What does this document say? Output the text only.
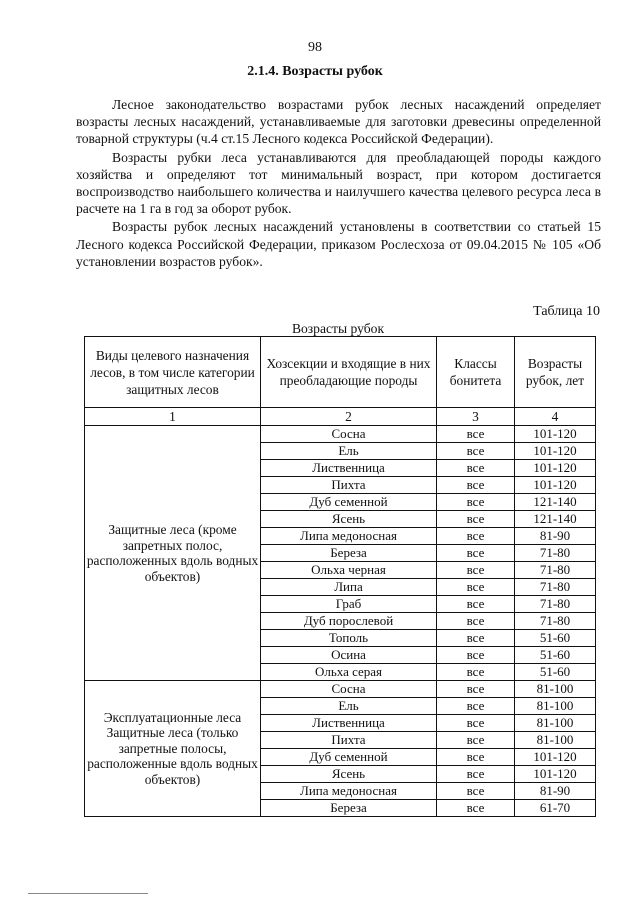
98
2.1.4. Возрасты рубок

Лесное законодательство возрастами рубок лесных насаждений определяет возрасты лесных насаждений, устанавливаемые для заготовки древесины определенной товарной структуры (ч.4 ст.15 Лесного кодекса Российской Федерации).

Возрасты рубки леса устанавливаются для преобладающей породы каждого хозяйства и определяют тот минимальный возраст, при котором достигается воспроизводство наибольшего количества и наилучшего качества целевого ресурса леса в расчете на 1 га в год за оборот рубок.

Возрасты рубок лесных насаждений установлены в соответствии со статьей 15 Лесного кодекса Российской Федерации, приказом Рослесхоза от 09.04.2015 № 105 «Об установлении возрастов рубок».

Таблица 10
Возрасты рубок
Виды целевого назначения лесов, в том числе категории защитных лесов	Хозсекции и входящие в них преобладающие породы	Классы бонитета	Возрасты рубок, лет
1	2	3	4
Защитные леса (кроме запретных полос, расположенных вдоль водных объектов)	Сосна	все	101-120
	Ель	все	101-120
	Лиственница	все	101-120
	Пихта	все	101-120
	Дуб семенной	все	121-140
	Ясень	все	121-140
	Липа медоносная	все	81-90
	Береза	все	71-80
	Ольха черная	все	71-80
	Липа	все	71-80
	Граб	все	71-80
	Дуб порослевой	все	71-80
	Тополь	все	51-60
	Осина	все	51-60
	Ольха серая	все	51-60
Эксплуатационные леса Защитные леса (только запретные полосы, расположенные вдоль водных объектов)	Сосна	все	81-100
	Ель	все	81-100
	Лиственница	все	81-100
	Пихта	все	81-100
	Дуб семенной	все	101-120
	Ясень	все	101-120
	Липа медоносная	все	81-90
	Береза	все	61-70
